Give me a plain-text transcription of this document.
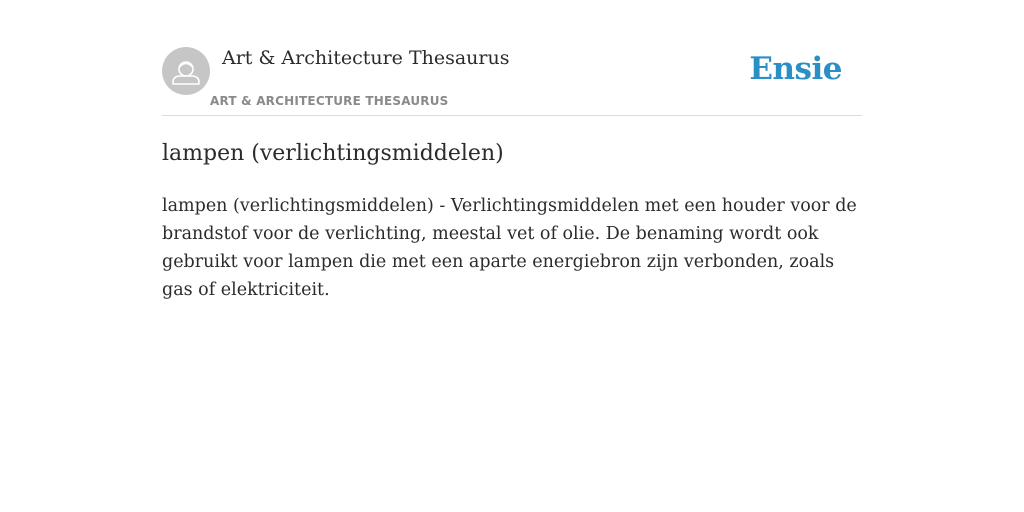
Art & Architecture Thesaurus
ART & ARCHITECTURE THESAURUS
Ensie
lampen (verlichtingsmiddelen)

lampen (verlichtingsmiddelen) - Verlichtingsmiddelen met een houder voor de brandstof voor de verlichting, meestal vet of olie. De benaming wordt ook gebruikt voor lampen die met een aparte energiebron zijn verbonden, zoals gas of elektriciteit.
